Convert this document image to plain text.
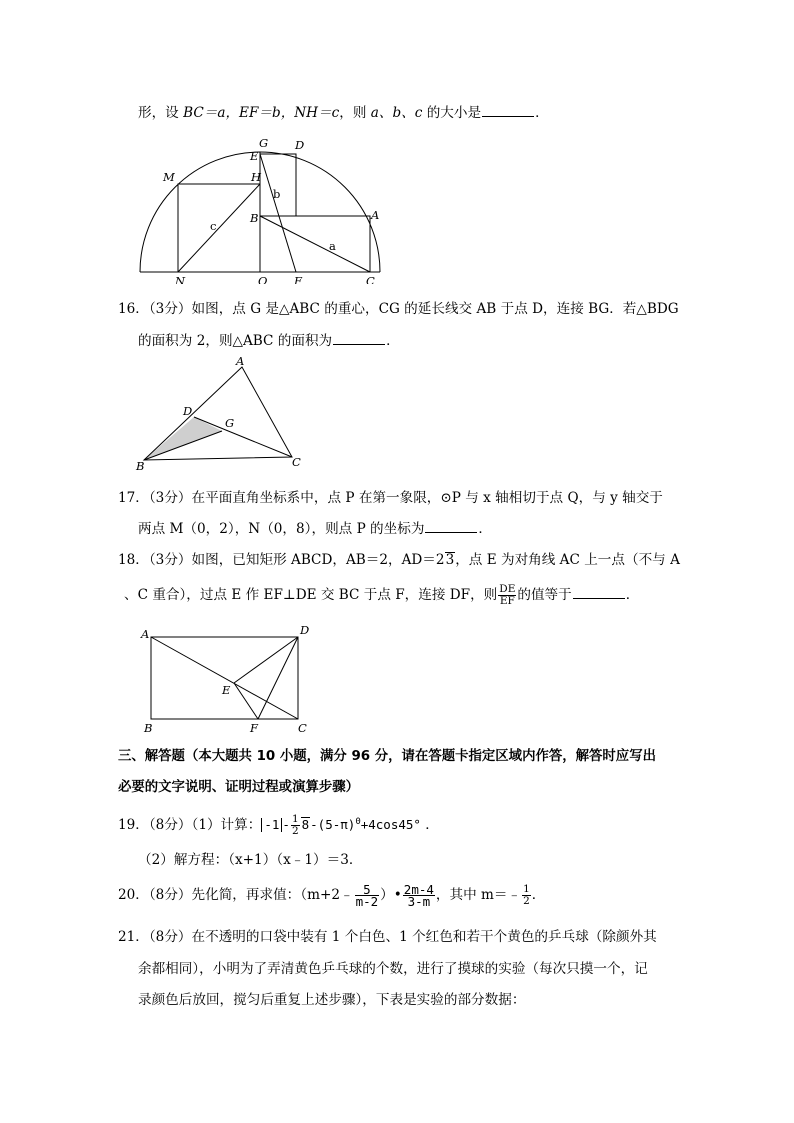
形，设 BC＝a，EF＝b，NH＝c，则 a、b、c 的大小是	．
G D
E
M	H
b
B	A
c
a
N	O F	C
16．（3分）如图，点 G 是△ABC 的重心，CG 的延长线交 AB 于点 D，连接 BG．若△BDG
的面积为 2，则△ABC 的面积为	．
A
D
G
B	C
17．（3分）在平面直角坐标系中，点 P 在第一象限，⊙P 与 x 轴相切于点 Q，与 y 轴交于
两点 M（0，2），N（0，8），则点 P 的坐标为	．
18．（3分）如图，已知矩形 ABCD，AB＝2，AD＝23，点 E 为对角线 AC 上一点（不与 A
、C 重合），过点 E 作 EF⊥DE 交 BC 于点 F，连接 DF，则 $\frac{DE}{EF}$ 的值等于	．
A	D
E
B	F	C
三、解答题（本大题共 10 小题，满分 96 分，请在答题卡指定区域内作答，解答时应写出
必要的文字说明、证明过程或演算步骤）
19．（8分）（1）计算： $-1 - \frac{1}{2} 8-(5-\pi)^0+4\cos 45^\circ$ ．
（2）解方程：（x+1）（x﹣1）＝3．
20．（8分）先化简，再求值：（m+2﹣ $\frac{5}{m-2}$ ）• $\frac{2m-4}{3-m}$ ，其中 m＝﹣ $\frac{1}{2}$ ．
21．（8分）在不透明的口袋中装有 1 个白色、1 个红色和若干个黄色的乒乓球（除颜外其
余都相同），小明为了弄清黄色乒乓球的个数，进行了摸球的实验（每次只摸一个，记
录颜色后放回，搅匀后重复上述步骤），下表是实验的部分数据：
